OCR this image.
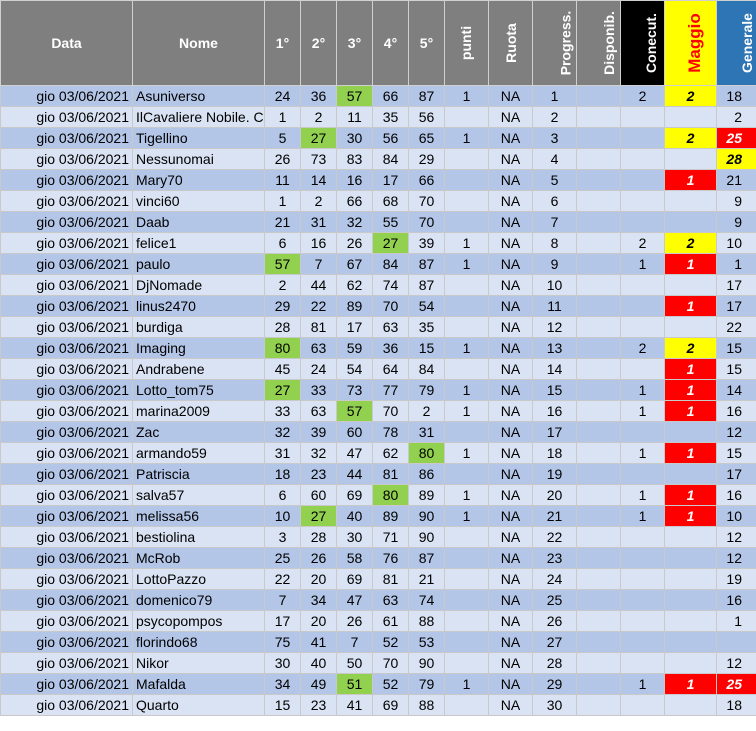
Data	Nome	1°	2°	3°	4°	5°	punti	Ruota	Progress.	Disponib.	Conecut.	Maggio	Generale
gio 03/06/2021	Asuniverso	24	36	57	66	87	1	NA	1		2	2	18
gio 03/06/2021	IlCavaliere Nobile. C	1	2	11	35	56		NA	2				2
gio 03/06/2021	Tigellino	5	27	30	56	65	1	NA	3			2	25
gio 03/06/2021	Nessunomai	26	73	83	84	29		NA	4				28
gio 03/06/2021	Mary70	11	14	16	17	66		NA	5			1	21
gio 03/06/2021	vinci60	1	2	66	68	70		NA	6				9
gio 03/06/2021	Daab	21	31	32	55	70		NA	7				9
gio 03/06/2021	felice1	6	16	26	27	39	1	NA	8		2	2	10
gio 03/06/2021	paulo	57	7	67	84	87	1	NA	9		1	1	1
gio 03/06/2021	DjNomade	2	44	62	74	87		NA	10				17
gio 03/06/2021	linus2470	29	22	89	70	54		NA	11			1	17
gio 03/06/2021	burdiga	28	81	17	63	35		NA	12				22
gio 03/06/2021	Imaging	80	63	59	36	15	1	NA	13		2	2	15
gio 03/06/2021	Andrabene	45	24	54	64	84		NA	14			1	15
gio 03/06/2021	Lotto_tom75	27	33	73	77	79	1	NA	15		1	1	14
gio 03/06/2021	marina2009	33	63	57	70	2	1	NA	16		1	1	16
gio 03/06/2021	Zac	32	39	60	78	31		NA	17				12
gio 03/06/2021	armando59	31	32	47	62	80	1	NA	18		1	1	15
gio 03/06/2021	Patriscia	18	23	44	81	86		NA	19				17
gio 03/06/2021	salva57	6	60	69	80	89	1	NA	20		1	1	16
gio 03/06/2021	melissa56	10	27	40	89	90	1	NA	21		1	1	10
gio 03/06/2021	bestiolina	3	28	30	71	90		NA	22				12
gio 03/06/2021	McRob	25	26	58	76	87		NA	23				12
gio 03/06/2021	LottoPazzo	22	20	69	81	21		NA	24				19
gio 03/06/2021	domenico79	7	34	47	63	74		NA	25				16
gio 03/06/2021	psycopompos	17	20	26	61	88		NA	26				1
gio 03/06/2021	florindo68	75	41	7	52	53		NA	27				
gio 03/06/2021	Nikor	30	40	50	70	90		NA	28				12
gio 03/06/2021	Mafalda	34	49	51	52	79	1	NA	29		1	1	25
gio 03/06/2021	Quarto	15	23	41	69	88		NA	30				18
